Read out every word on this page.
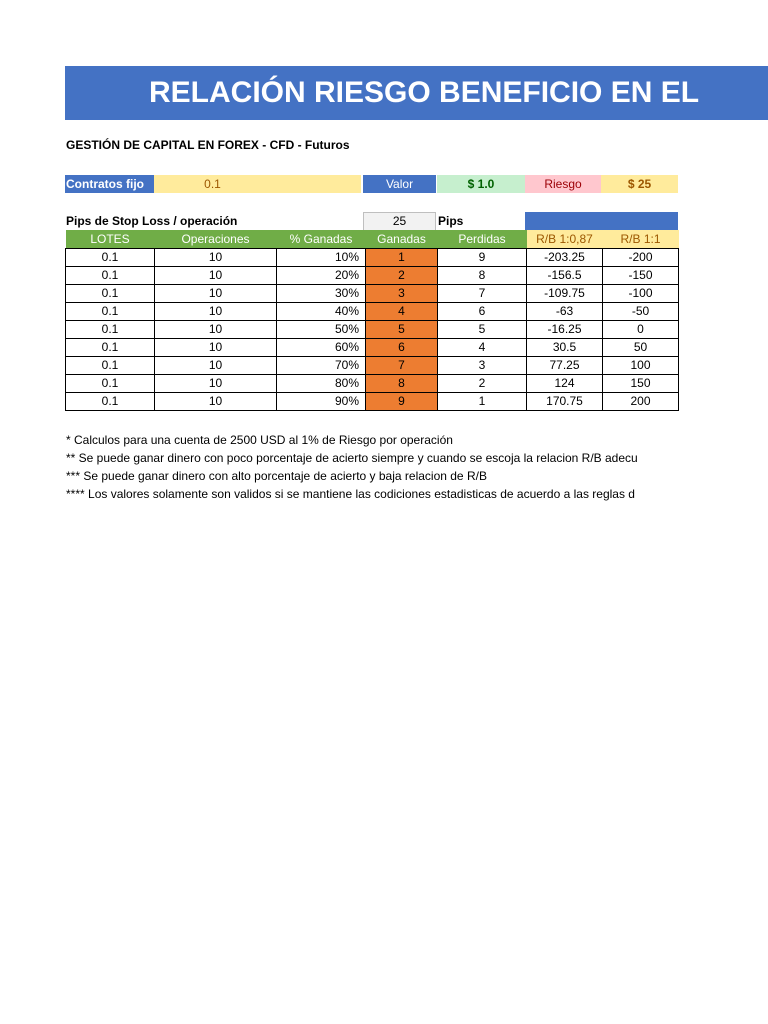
RELACIÓN RIESGO BENEFICIO EN EL
GESTIÓN DE CAPITAL EN FOREX - CFD - Futuros
Contratos fijo	0.1	Valor	$ 1.0	Riesgo	$ 25
Pips de Stop Loss / operación	25	Pips
LOTES	Operaciones	% Ganadas	Ganadas	Perdidas	R/B 1:0,87	R/B 1:1
0.1	10	10%	1	9	-203.25	-200
0.1	10	20%	2	8	-156.5	-150
0.1	10	30%	3	7	-109.75	-100
0.1	10	40%	4	6	-63	-50
0.1	10	50%	5	5	-16.25	0
0.1	10	60%	6	4	30.5	50
0.1	10	70%	7	3	77.25	100
0.1	10	80%	8	2	124	150
0.1	10	90%	9	1	170.75	200
* Calculos para una cuenta de 2500 USD al 1% de Riesgo por operación
** Se puede ganar dinero con poco porcentaje de acierto siempre y cuando se escoja la relacion R/B adecu
*** Se puede ganar dinero con alto porcentaje de acierto y baja relacion de R/B
**** Los valores solamente son validos si se mantiene las codiciones estadisticas de acuerdo a las reglas d
